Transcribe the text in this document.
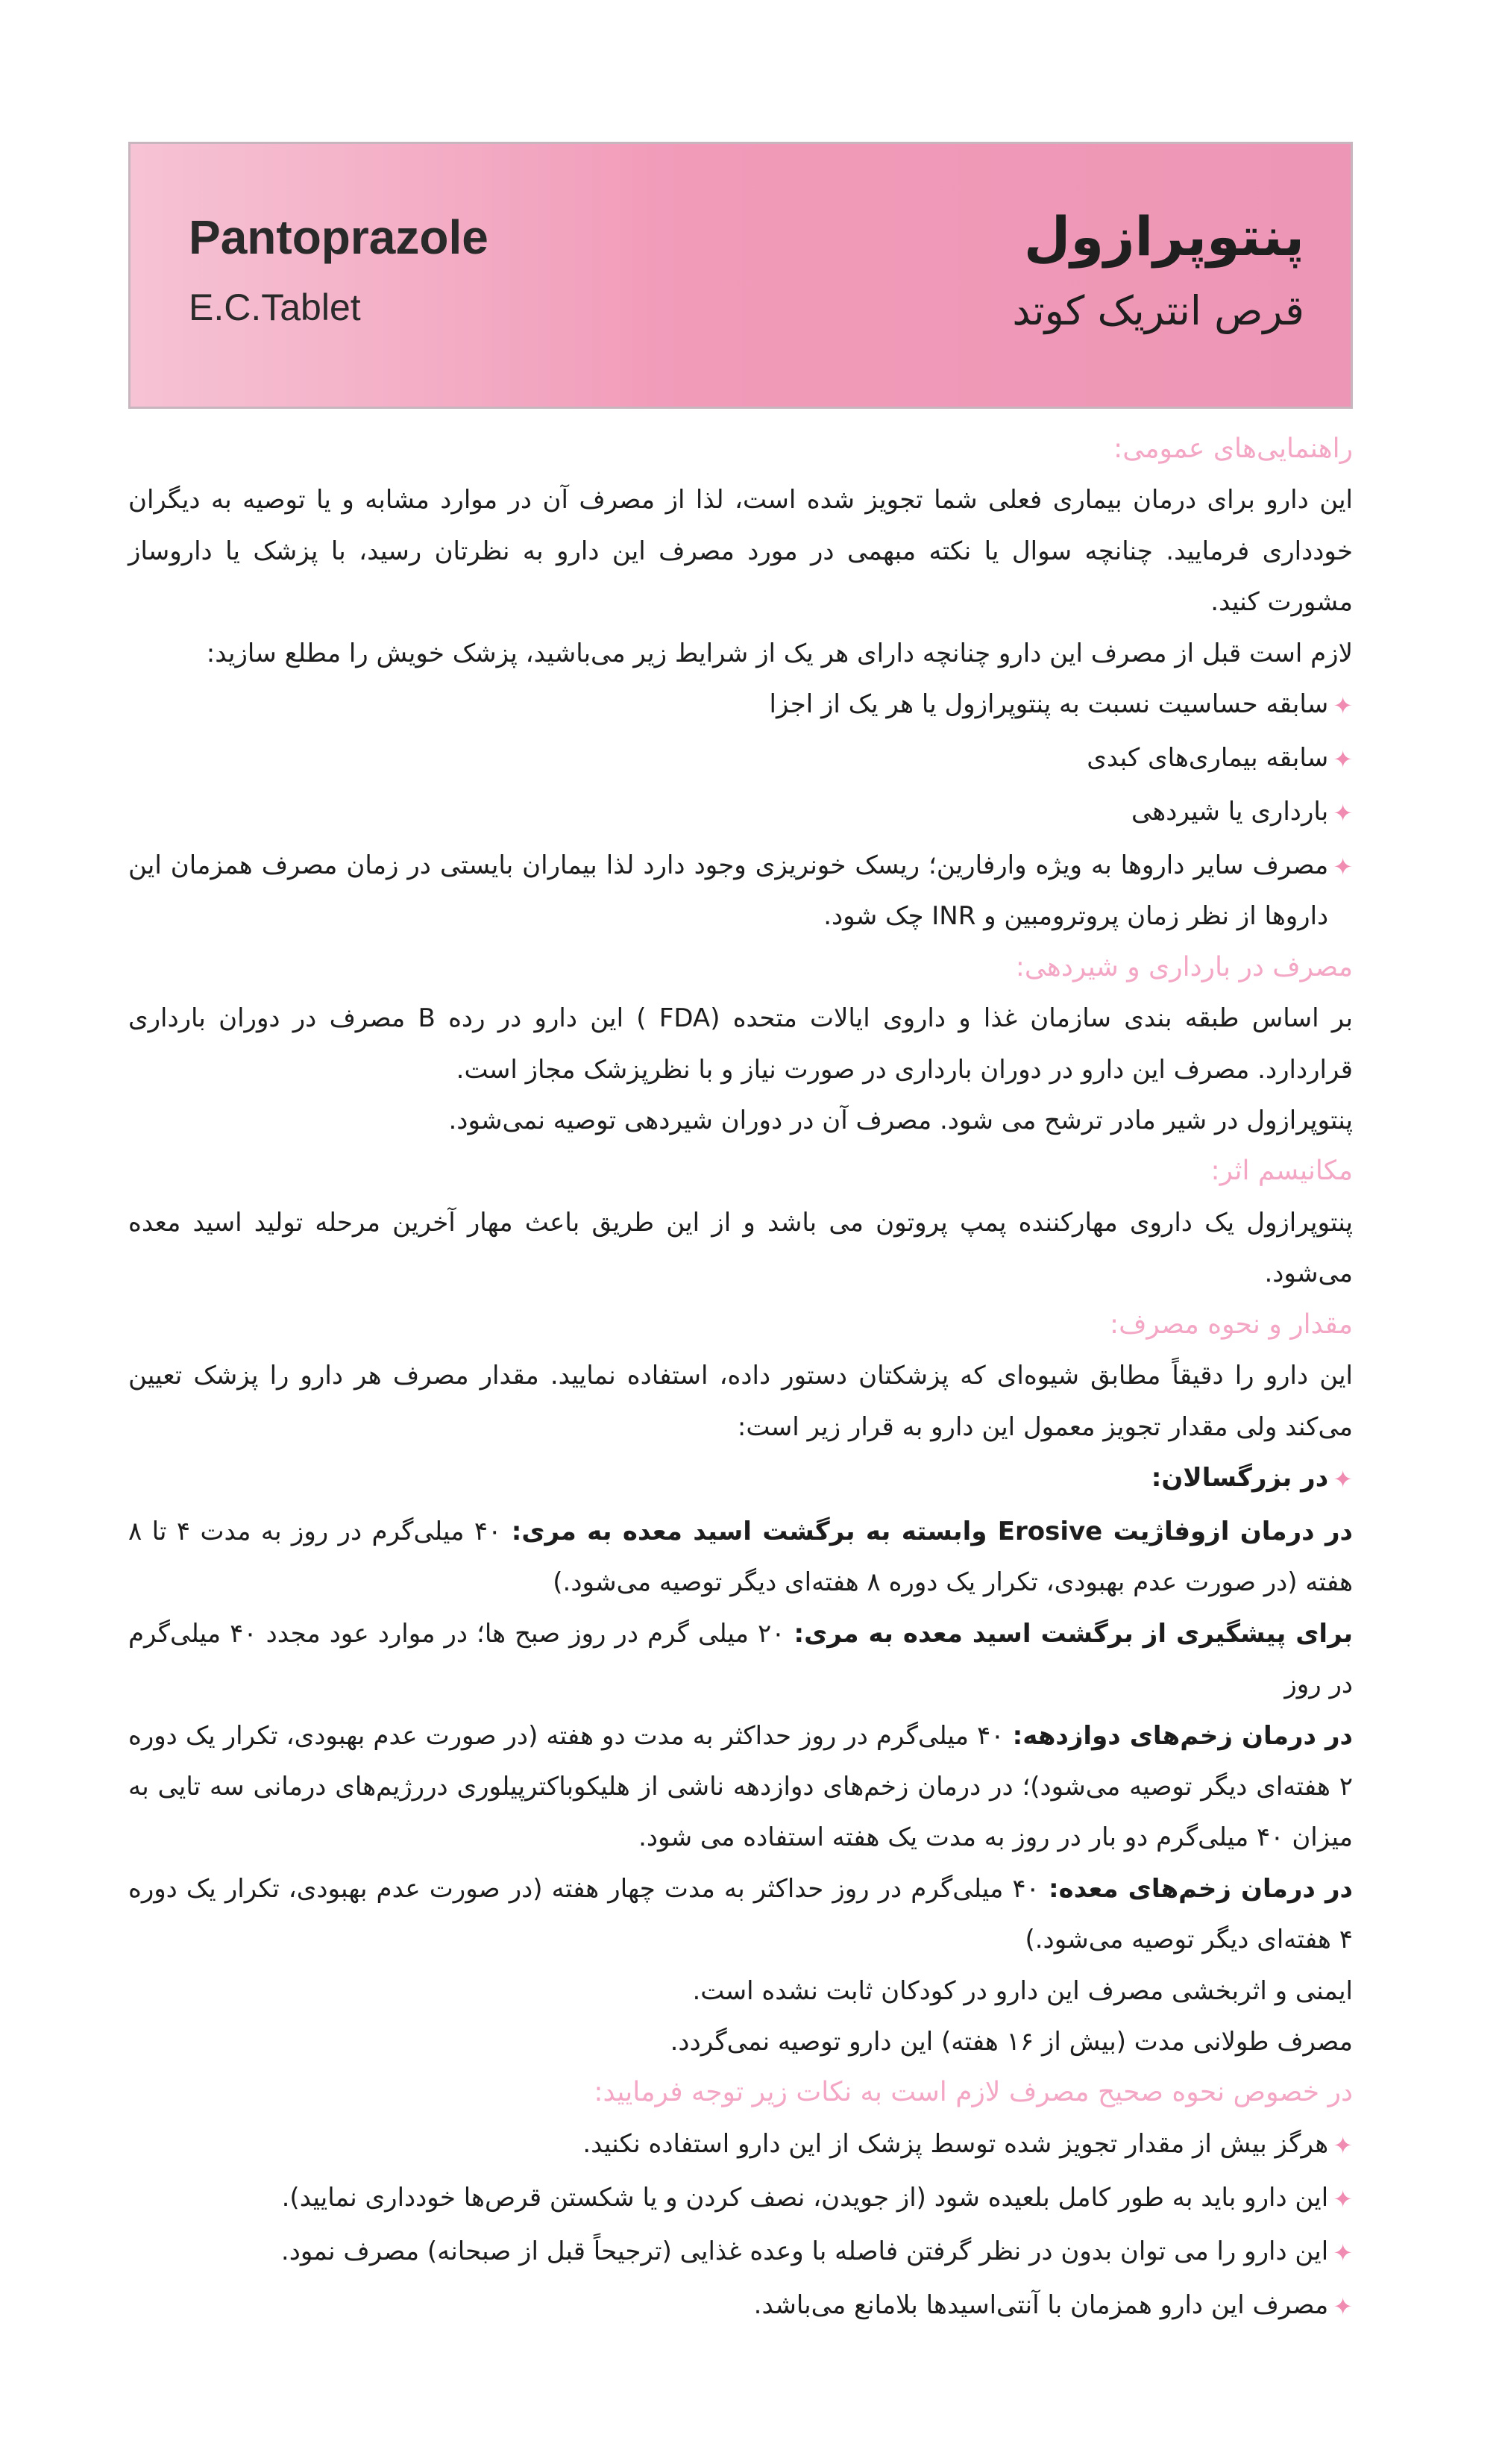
پنتوپرازول
قرص انتریک کوتد
Pantoprazole
E.C.Tablet
راهنمایی‌های عمومی:

این دارو برای درمان بیماری فعلی شما تجویز شده است، لذا از مصرف آن در موارد مشابه و یا توصیه به دیگران خودداری فرمایید. چنانچه سوال یا نکته مبهمی در مورد مصرف این دارو به نظرتان رسید، با پزشک یا داروساز مشورت کنید.

لازم است قبل از مصرف این دارو چنانچه دارای هر یک از شرایط زیر می‌باشید، پزشک خویش را مطلع سازید:

✦
سابقه حساسیت نسبت به پنتوپرازول یا هر یک از اجزا
✦
سابقه بیماری‌های کبدی
✦
بارداری یا شیردهی
✦
مصرف سایر داروها به ویژه وارفارین؛ ریسک خونریزی وجود دارد لذا بیماران بایستی در زمان مصرف همزمان این داروها از نظر زمان پروترومبین و INR چک شود.
مصرف در بارداری و شیردهی:

بر اساس طبقه بندی سازمان غذا و داروی ایالات متحده (FDA ) این دارو در رده B مصرف در دوران بارداری قراردارد. مصرف این دارو در دوران بارداری در صورت نیاز و با نظرپزشک مجاز است.

پنتوپرازول در شیر مادر ترشح می شود. مصرف آن در دوران شیردهی توصیه نمی‌شود.

مکانیسم اثر:

پنتوپرازول یک داروی مهارکننده پمپ پروتون می باشد و از این طریق باعث مهار آخرین مرحله تولید اسید معده می‌شود.

مقدار و نحوه مصرف:

این دارو را دقیقاً مطابق شیوه‌ای که پزشکتان دستور داده، استفاده نمایید. مقدار مصرف هر دارو را پزشک تعیین می‌کند ولی مقدار تجویز معمول این دارو به قرار زیر است:

✦
در بزرگسالان:

در درمان ازوفاژیت Erosive وابسته به برگشت اسید معده به مری: ۴۰ میلی‌گرم در روز به مدت ۴ تا ۸ هفته (در صورت عدم بهبودی، تکرار یک دوره ۸ هفته‌ای دیگر توصیه می‌شود.)

برای پیشگیری از برگشت اسید معده به مری: ۲۰ میلی گرم در روز صبح ها؛ در موارد عود مجدد ۴۰ میلی‌گرم در روز

در درمان زخم‌های دوازدهه: ۴۰ میلی‌گرم در روز حداکثر به مدت دو هفته (در صورت عدم بهبودی، تکرار یک دوره ۲ هفته‌ای دیگر توصیه می‌شود)؛ در درمان زخم‌های دوازدهه ناشی از هلیکوباکترپیلوری دررژیم‌های درمانی سه تایی به میزان ۴۰ میلی‌گرم دو بار در روز به مدت یک هفته استفاده می شود.

در درمان زخم‌های معده: ۴۰ میلی‌گرم در روز حداکثر به مدت چهار هفته (در صورت عدم بهبودی، تکرار یک دوره ۴ هفته‌ای دیگر توصیه می‌شود.)

ایمنی و اثربخشی مصرف این دارو در کودکان ثابت نشده است.

مصرف طولانی مدت (بیش از ۱۶ هفته) این دارو توصیه نمی‌گردد.

در خصوص نحوه صحیح مصرف لازم است به نکات زیر توجه فرمایید:
✦
هرگز بیش از مقدار تجویز شده توسط پزشک از این دارو استفاده نکنید.
✦
این دارو باید به طور کامل بلعیده شود (از جویدن، نصف کردن و یا شکستن قرص‌ها خودداری نمایید).
✦
این دارو را می توان بدون در نظر گرفتن فاصله با وعده غذایی (ترجیحاً قبل از صبحانه) مصرف نمود.
✦
مصرف این دارو همزمان با آنتی‌اسیدها بلامانع می‌باشد.
